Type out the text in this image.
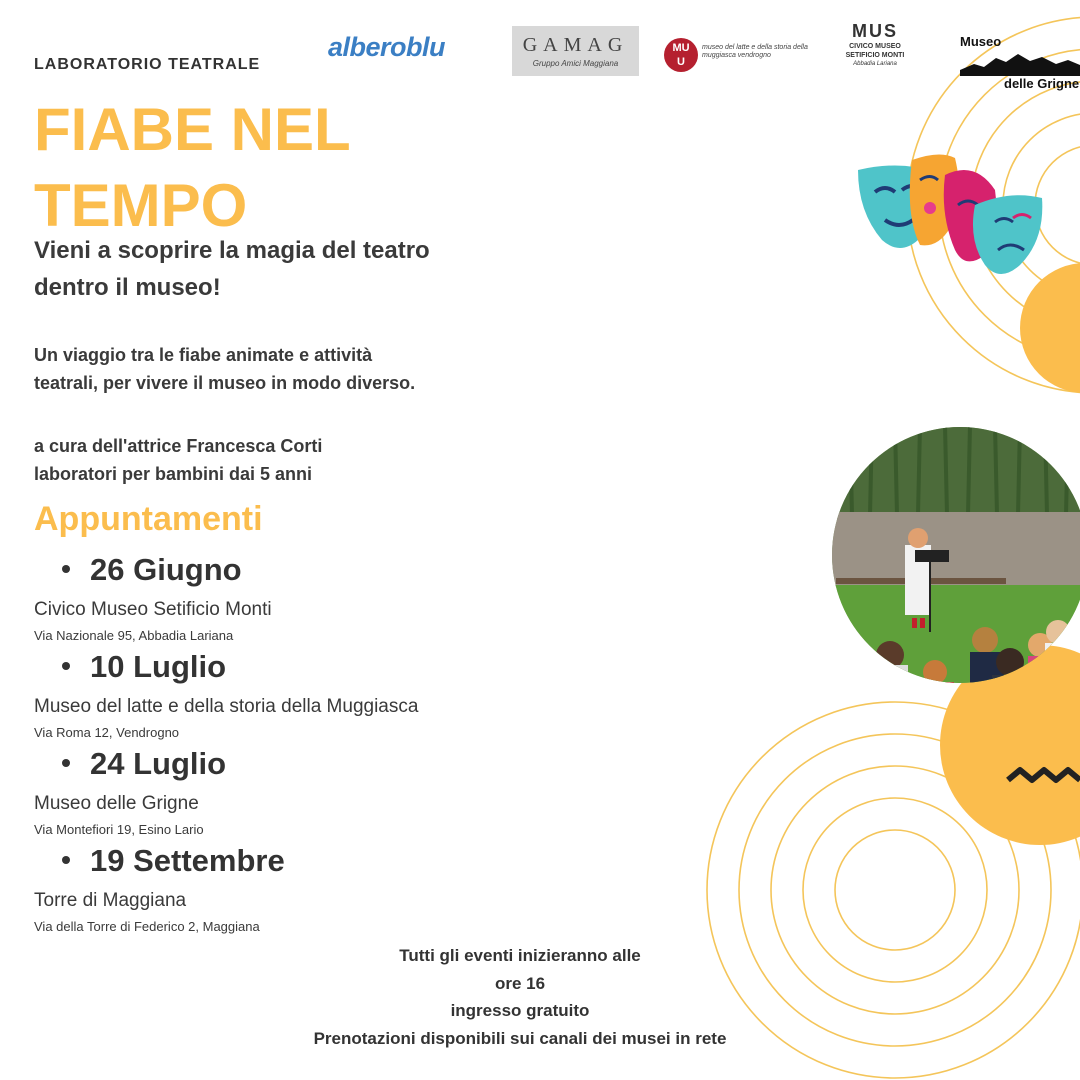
alberoblu	GAMAG
Gruppo Amici Maggiana
MU
U
museo del latte e della storia della muggiasca vendrogno
MUS
CIVICO MUSEO SETIFICIO MONTI
Abbadia Lariana
Museo
delle Grigne
LABORATORIO TEATRALE
FIABE NEL
TEMPO
Vieni a scoprire la magia del teatro
dentro il museo!
Un viaggio tra le fiabe animate e attività
teatrali, per vivere il museo in modo diverso.
a cura dell'attrice Francesca Corti
laboratori per bambini dai 5 anni
Appuntamenti
26 Giugno
Civico Museo Setificio Monti
Via Nazionale 95, Abbadia Lariana
10 Luglio
Museo del latte e della storia della Muggiasca
Via Roma 12, Vendrogno
24 Luglio
Museo delle Grigne
Via Montefiori 19, Esino Lario
19 Settembre
Torre di Maggiana
Via della Torre di Federico 2, Maggiana
Tutti gli eventi inizieranno alle
ore 16
ingresso gratuito
Prenotazioni disponibili sui canali dei musei in rete
